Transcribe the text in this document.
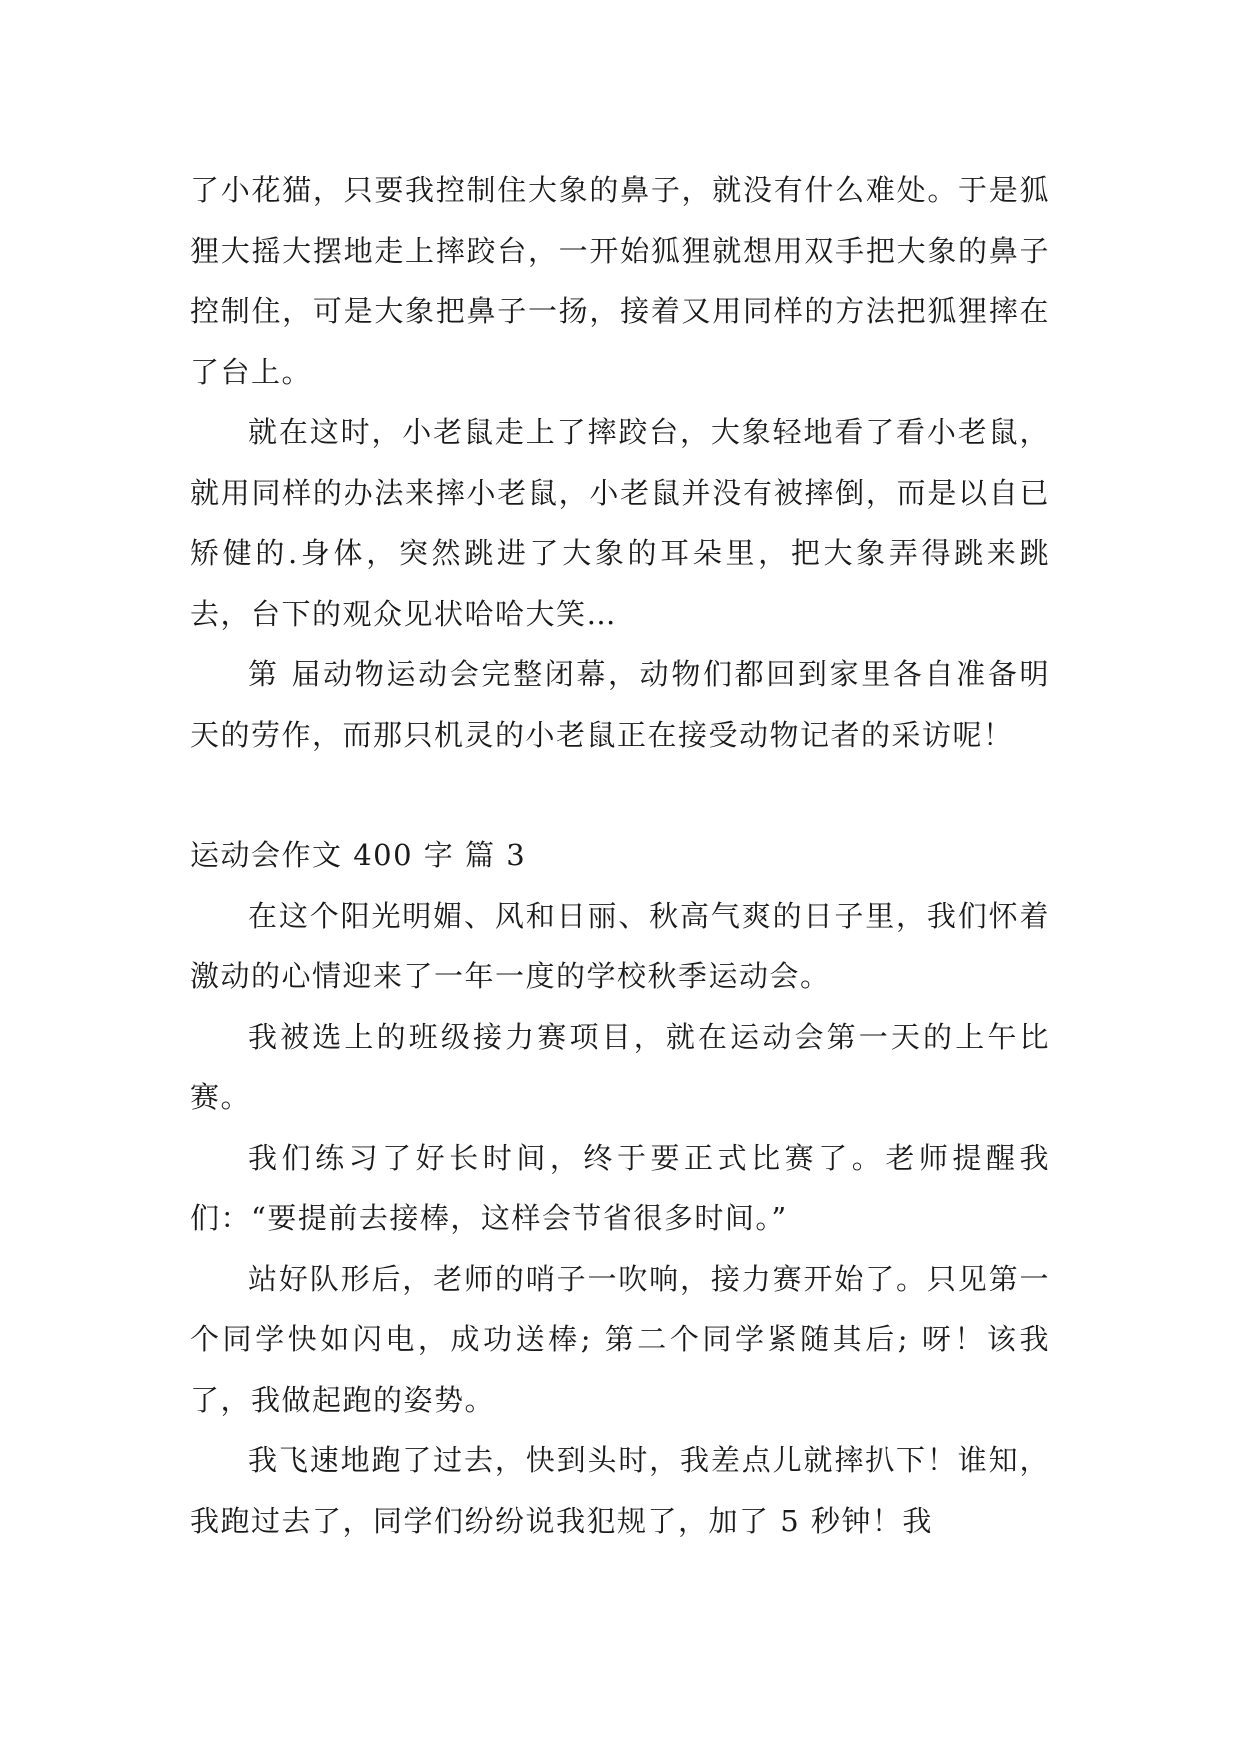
了小花猫，只要我控制住大象的鼻子，就没有什么难处。于是狐狸大摇大摆地走上摔跤台，一开始狐狸就想用双手把大象的鼻子控制住，可是大象把鼻子一扬，接着又用同样的方法把狐狸摔在了台上。

就在这时，小老鼠走上了摔跤台，大象轻地看了看小老鼠，就用同样的办法来摔小老鼠，小老鼠并没有被摔倒，而是以自已矫健的.身体，突然跳进了大象的耳朵里，把大象弄得跳来跳去，台下的观众见状哈哈大笑…

第 届动物运动会完整闭幕，动物们都回到家里各自准备明天的劳作，而那只机灵的小老鼠正在接受动物记者的采访呢！

运动会作文 400 字 篇 3

在这个阳光明媚、风和日丽、秋高气爽的日子里，我们怀着激动的心情迎来了一年一度的学校秋季运动会。

我被选上的班级接力赛项目，就在运动会第一天的上午比赛。

我们练习了好长时间，终于要正式比赛了。老师提醒我们：“要提前去接棒，这样会节省很多时间。”

站好队形后，老师的哨子一吹响，接力赛开始了。只见第一个同学快如闪电，成功送棒; 第二个同学紧随其后; 呀！该我了，我做起跑的姿势。

我飞速地跑了过去，快到头时，我差点儿就摔扒下！谁知，我跑过去了，同学们纷纷说我犯规了，加了 5 秒钟！我
